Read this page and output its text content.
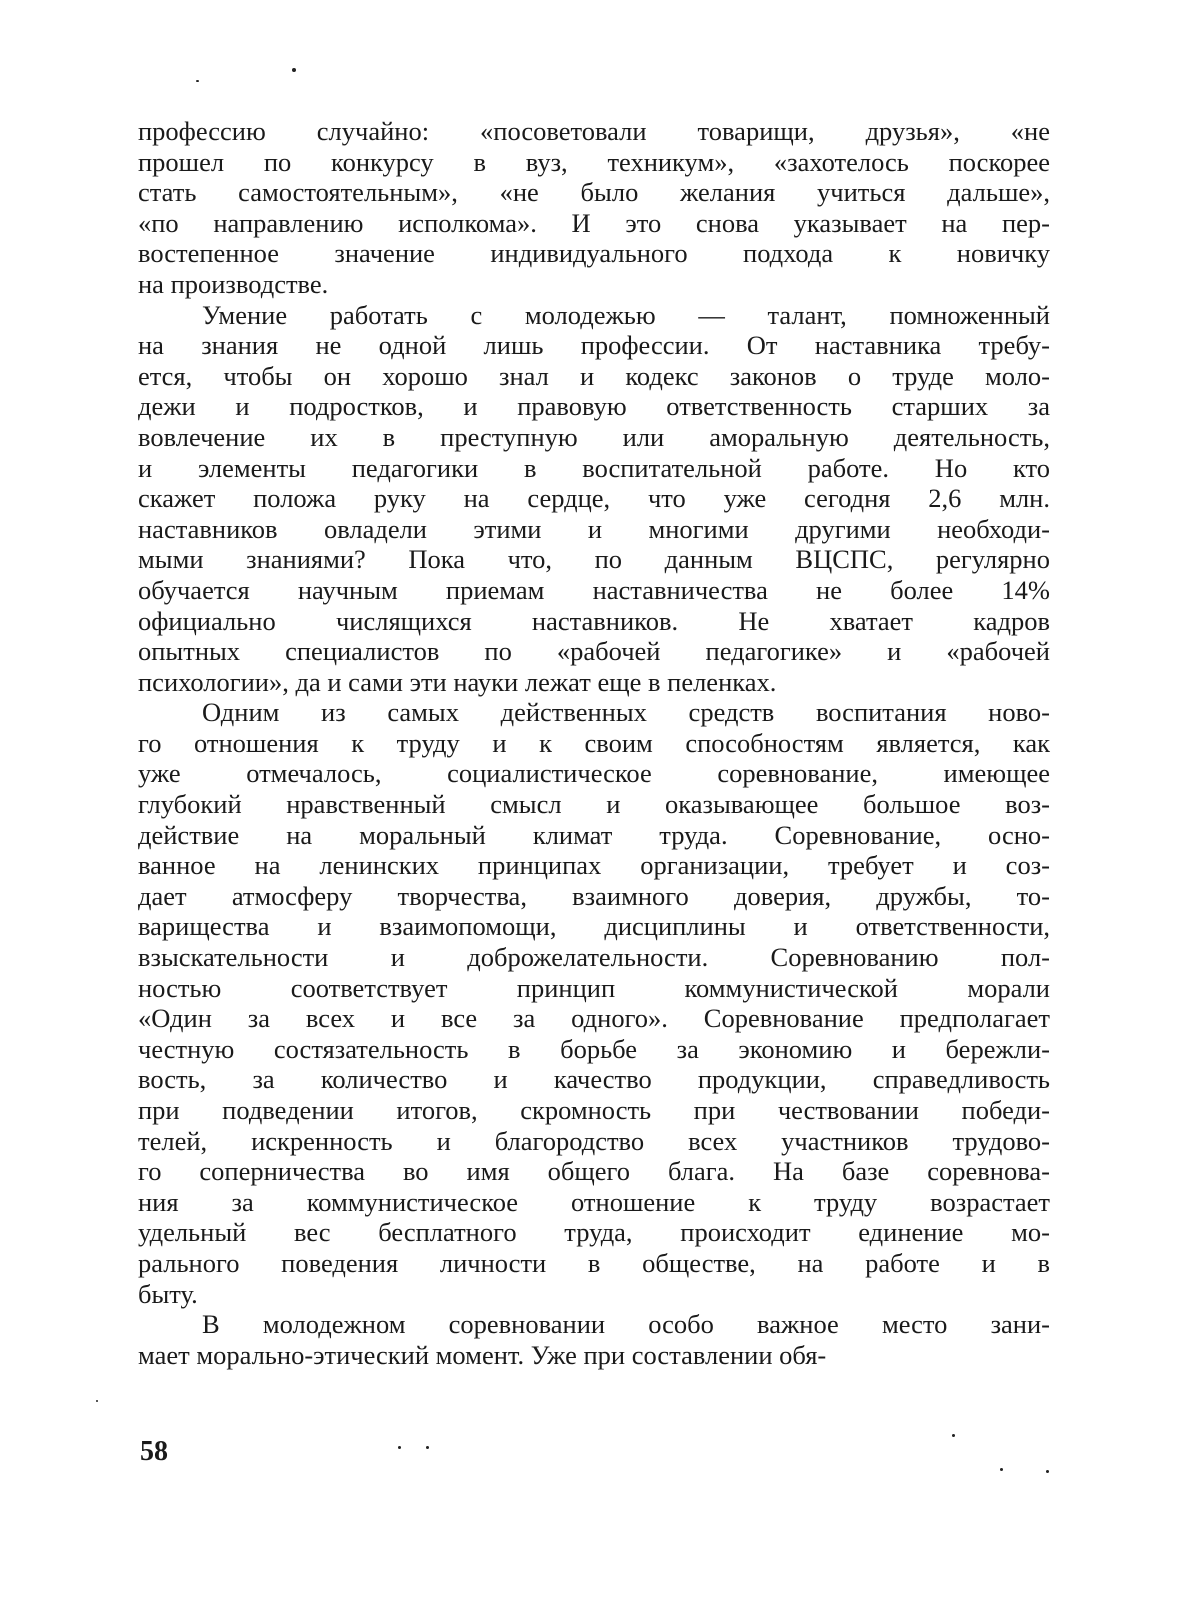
профессию случайно: «посоветовали товарищи, друзья», «не
прошел по конкурсу в вуз, техникум», «захотелось поскорее
стать самостоятельным», «не было желания учиться дальше»,
«по направлению исполкома». И это снова указывает на пер-
востепенное значение индивидуального подхода к новичку
на производстве.
Умение работать с молодежью — талант, помноженный
на знания не одной лишь профессии. От наставника требу-
ется, чтобы он хорошо знал и кодекс законов о труде моло-
дежи и подростков, и правовую ответственность старших за
вовлечение их в преступную или аморальную деятельность,
и элементы педагогики в воспитательной работе. Но кто
скажет положа руку на сердце, что уже сегодня 2,6 млн.
наставников овладели этими и многими другими необходи-
мыми знаниями? Пока что, по данным ВЦСПС, регулярно
обучается научным приемам наставничества не более 14%
официально числящихся наставников. Не хватает кадров
опытных специалистов по «рабочей педагогике» и «рабочей
психологии», да и сами эти науки лежат еще в пеленках.
Одним из самых действенных средств воспитания ново-
го отношения к труду и к своим способностям является, как
уже отмечалось, социалистическое соревнование, имеющее
глубокий нравственный смысл и оказывающее большое воз-
действие на моральный климат труда. Соревнование, осно-
ванное на ленинских принципах организации, требует и соз-
дает атмосферу творчества, взаимного доверия, дружбы, то-
варищества и взаимопомощи, дисциплины и ответственности,
взыскательности и доброжелательности. Соревнованию пол-
ностью соответствует принцип коммунистической морали
«Один за всех и все за одного». Соревнование предполагает
честную состязательность в борьбе за экономию и бережли-
вость, за количество и качество продукции, справедливость
при подведении итогов, скромность при чествовании победи-
телей, искренность и благородство всех участников трудово-
го соперничества во имя общего блага. На базе соревнова-
ния за коммунистическое отношение к труду возрастает
удельный вес бесплатного труда, происходит единение мо-
рального поведения личности в обществе, на работе и в
быту.
В молодежном соревновании особо важное место зани-
мает морально-этический момент. Уже при составлении обя-
58
